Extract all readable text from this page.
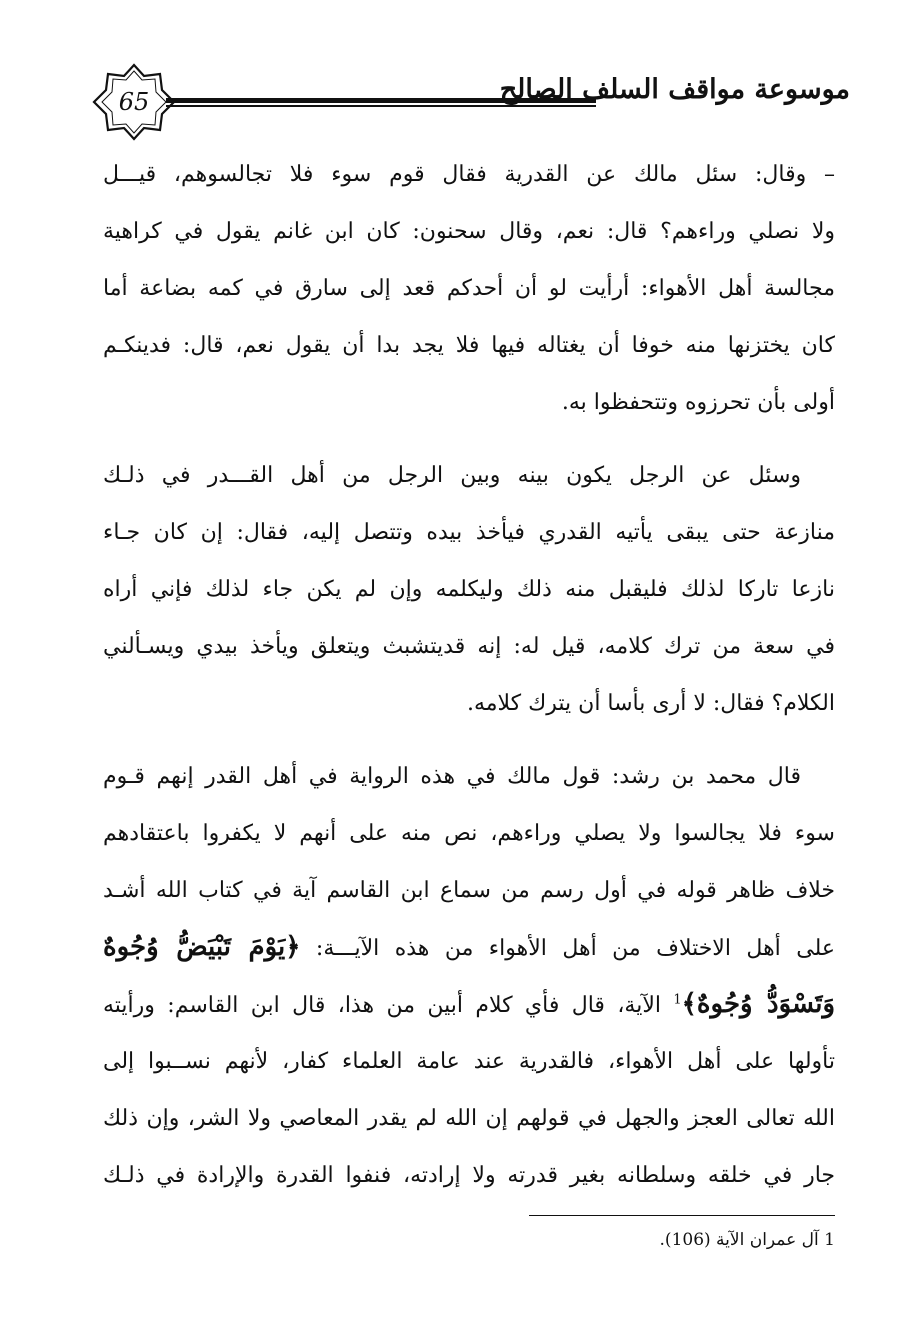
65	موسوعة مواقف السلف الصالح
– وقال: سئل مالك عن القدرية فقال قوم سوء فلا تجالسوهم، قيـــل
ولا نصلي وراءهم؟ قال: نعم، وقال سحنون: كان ابن غانم يقول في كراهية
مجالسة أهل الأهواء: أرأيت لو أن أحدكم قعد إلى سارق في كمه بضاعة أما
كان يختزنها منه خوفا أن يغتاله فيها فلا يجد بدا أن يقول نعم، قال: فدينكـم
أولى بأن تحرزوه وتتحفظوا به.
وسئل عن الرجل يكون بينه وبين الرجل من أهل القـــدر في ذلـك
منازعة حتى يبقى يأتيه القدري فيأخذ بيده وتتصل إليه، فقال: إن كان جـاء
نازعا تاركا لذلك فليقبل منه ذلك وليكلمه وإن لم يكن جاء لذلك فإني أراه
في سعة من ترك كلامه، قيل له: إنه قديتشبث ويتعلق ويأخذ بيدي ويسـألني
الكلام؟ فقال: لا أرى بأسا أن يترك كلامه.
قال محمد بن رشد: قول مالك في هذه الرواية في أهل القدر إنهم قـوم
سوء فلا يجالسوا ولا يصلي وراءهم، نص منه على أنهم لا يكفروا باعتقادهم
خلاف ظاهر قوله في أول رسم من سماع ابن القاسم آية في كتاب الله أشـد
على أهل الاختلاف من أهل الأهواء من هذه الآيـــة: ﴿يَوْمَ تَبْيَضُّ وُجُوهٌ
وَتَسْوَدُّ وُجُوهٌ﴾$^1$ الآية، قال فأي كلام أبين من هذا، قال ابن القاسم: ورأيته
تأولها على أهل الأهواء، فالقدرية عند عامة العلماء كفار، لأنهم نســبوا إلى
الله تعالى العجز والجهل في قولهم إن الله لم يقدر المعاصي ولا الشر، وإن ذلك
جار في خلقه وسلطانه بغير قدرته ولا إرادته، فنفوا القدرة والإرادة في ذلـك
1 آل عمران الآية (106).
